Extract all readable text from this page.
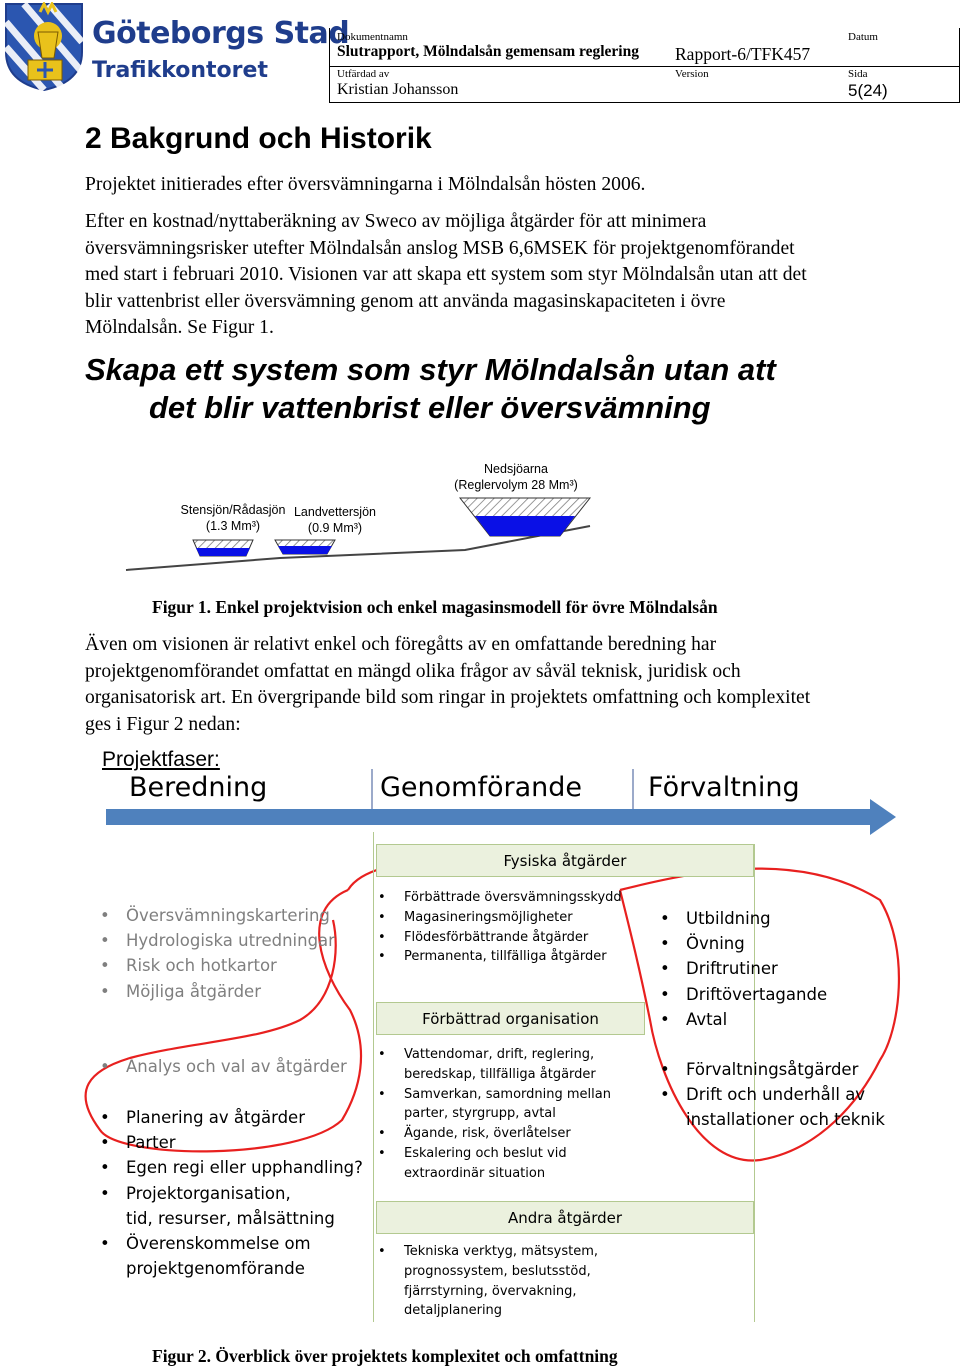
Göteborgs Stad
Trafikkontoret
Dokumentnamn
Slutrapport, Mölndalsån gemensam reglering Rapport-6/TFK457
Datum
Utfärdad av
Kristian Johansson
Version	Sida
5(24)
2 Bakgrund och Historik
Projektet initierades efter översvämningarna i Mölndalsån hösten 2006.
Efter en kostnad/nyttaberäkning av Sweco av möjliga åtgärder för att minimera
översvämningsrisker utefter Mölndalsån anslog MSB 6,6MSEK för projektgenomförandet
med start i februari 2010. Visionen var att skapa ett system som styr Mölndalsån utan att det
blir vattenbrist eller översvämning genom att använda magasinskapaciteten i övre
Mölndalsån. Se Figur 1.
Skapa ett system som styr Mölndalsån utan att
det blir vattenbrist eller översvämning
Stensjön/Rådasjön
(1.3 Mm³)
Landvettersjön
(0.9 Mm³)
Nedsjöarna
(Reglervolym 28 Mm³)
Figur 1. Enkel projektvision och enkel magasinsmodell för övre Mölndalsån
Även om visionen är relativt enkel och föregåtts av en omfattande beredning har
projektgenomförandet omfattat en mängd olika frågor av såväl teknisk, juridisk och
organisatorisk art. En övergripande bild som ringar in projektets omfattning och komplexitet
ges i Figur 2 nedan:
Projektfaser:
Beredning	Genomförande Förvaltning
• Översvämningskartering
• Hydrologiska utredningar
• Risk och hotkartor
• Möjliga åtgärder
• Analys och val av åtgärder
• Planering av åtgärder
• Parter
• Egen regi eller upphandling?
• Projektorganisation,
tid, resurser, målsättning
• Överenskommelse om
projektgenomförande
Fysiska åtgärder
• Förbättrade översvämningsskydd
• Magasineringsmöjligheter
• Flödesförbättrande åtgärder
• Permanenta, tillfälliga åtgärder
Förbättrad organisation
• Vattendomar, drift, reglering,
beredskap, tillfälliga åtgärder
• Samverkan, samordning mellan
parter, styrgrupp, avtal
• Ägande, risk, överlåtelser
• Eskalering och beslut vid
extraordinär situation
Andra åtgärder
• Tekniska verktyg, mätsystem,
prognossystem, beslutsstöd,
fjärrstyrning, övervakning,
detaljplanering
• Utbildning
• Övning
• Driftrutiner
• Driftövertagande
• Avtal
• Förvaltningsåtgärder
• Drift och underhåll av
installationer och teknik
Figur 2. Överblick över projektets komplexitet och omfattning
